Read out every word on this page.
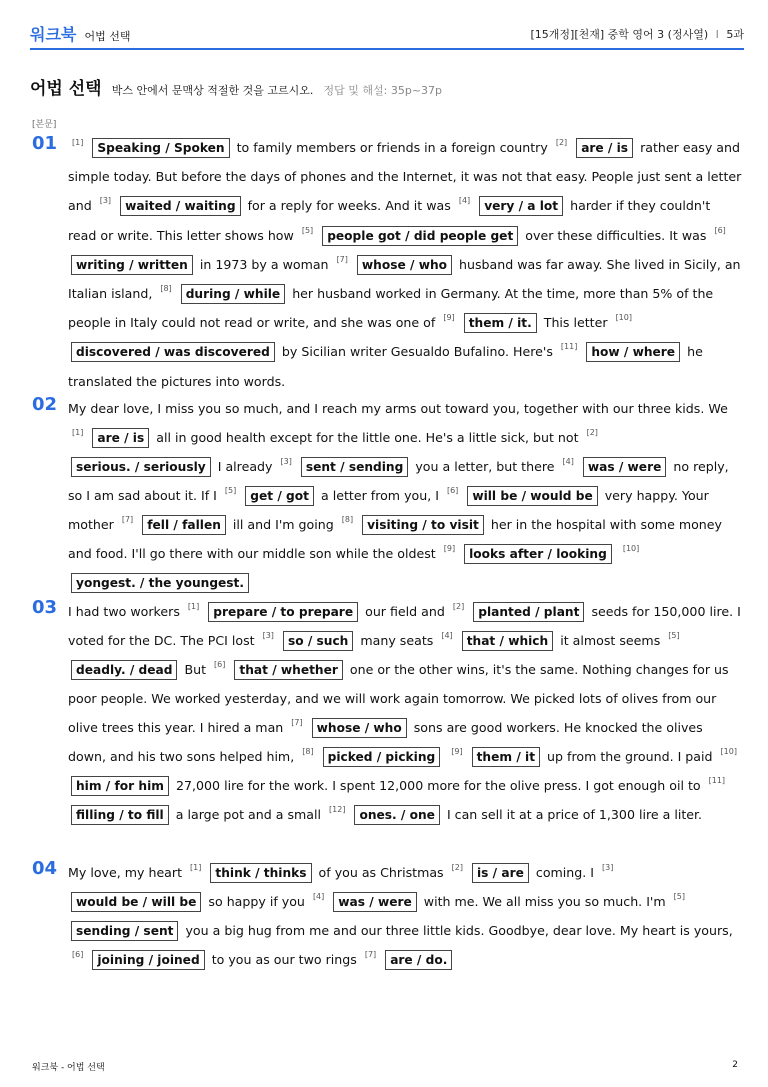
워크북 어법 선택	[15개정][천재] 중학 영어 3 (정사열) I 5과
어법 선택 박스 안에서 문맥상 적절한 것을 고르시오. 정답 및 해설: 35p~37p
[본문]
01	[1] Speaking / Spoken to family members or friends in a foreign country [2] are / is rather easy and simple today. But before the days of phones and the Internet, it was not that easy. People just sent a letter and [3] waited / waiting for a reply for weeks. And it was [4] very / a lot harder if they couldn't read or write. This letter shows how [5] people got / did people get over these difficulties. It was [6] writing / written in 1973 by a woman [7] whose / who husband was far away. She lived in Sicily, an Italian island, [8] during / while her husband worked in Germany. At the time, more than 5% of the people in Italy could not read or write, and she was one of [9] them / it. This letter [10] discovered / was discovered by Sicilian writer Gesualdo Bufalino. Here's [11] how / where he translated the pictures into words.
02 My dear love, I miss you so much, and I reach my arms out toward you, together with our three kids. We [1] are / is all in good health except for the little one. He's a little sick, but not [2] serious. / seriously I already [3] sent / sending you a letter, but there [4] was / were no reply, so I am sad about it. If I [5] get / got a letter from you, I [6] will be / would be very happy. Your mother [7] fell / fallen ill and I'm going [8] visiting / to visit her in the hospital with some money and food. I'll go there with our middle son while the oldest [9] looks after / looking [10] yongest. / the youngest.
03 I had two workers [1] prepare / to prepare our field and [2] planted / plant seeds for 150,000 lire. I voted for the DC. The PCI lost [3] so / such many seats [4] that / which it almost seems [5] deadly. / dead But [6] that / whether one or the other wins, it's the same. Nothing changes for us poor people. We worked yesterday, and we will work again tomorrow. We picked lots of olives from our olive trees this year. I hired a man [7] whose / who sons are good workers. He knocked the olives down, and his two sons helped him, [8] picked / picking [9] them / it up from the ground. I paid [10] him / for him 27,000 lire for the work. I spent 12,000 more for the olive press. I got enough oil to [11] filling / to fill a large pot and a small [12] ones. / one I can sell it at a price of 1,300 lire a liter.
04 My love, my heart [1] think / thinks of you as Christmas [2] is / are coming. I [3] would be / will be so happy if you [4] was / were with me. We all miss you so much. I'm [5] sending / sent you a big hug from me and our three little kids. Goodbye, dear love. My heart is yours, [6] joining / joined to you as our two rings [7] are / do.
워크북 - 어법 선택	2
